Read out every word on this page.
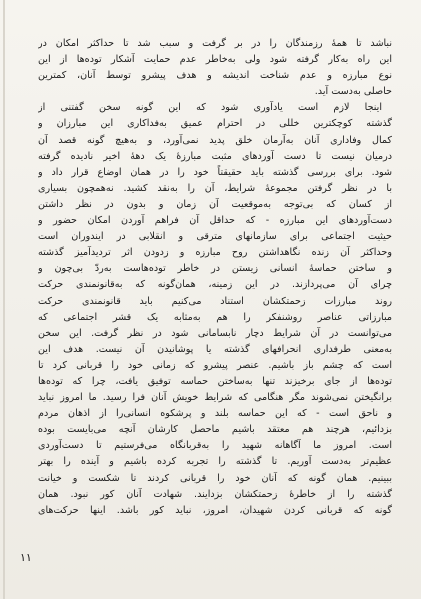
نباشد تا همهٔ رزمندگان را در بر گرفت و سبب شد تا حداکثر امکان در
این راه به‌کار گرفته شود ولی به‌خاطر عدم حمایت آشکار توده‌ها از این
نوع مبارزه و عدم شناخت اندیشه و هدف پیشرو توسط آنان، کمترین
حاصلی به‌دست آید.
اینجا لازم است یادآوری شود که این گونه سخن گفتنی از
گذشته کوچکترین خللی در احترام عمیق به‌فداکاری این مبارزان و
کمال وفاداری آنان به‌آرمان خلق پدید نمی‌آورد، و به‌هیچ گونه قصد آن
درمیان نیست تا دست آوردهای مثبت مبارزهٔ یک دههٔ اخیر نادیده گرفته
شود. برای بررسی گذشته باید حقیقتاً خود را در همان اوضاع قرار داد و
با در نظر گرفتن مجموعهٔ شرایط، آن را به‌نقد کشید. نه‌همچون بسیاری
از کسان که بی‌توجه به‌موقعیت آن زمان و بدون در نظر داشتن
دست‌آوردهای این مبارزه - که حداقل آن فراهم آوردن امکان حضور و
حیثیت اجتماعی برای سازمانهای مترقی و انقلابی در ایندوران است
وحداکثر آن زنده نگاهداشتن روح مبارزه و زدودن اثر تردیدآمیز گذشته
و ساختن حماسهٔ انسانی زیستن در خاطر توده‌هاست به‌ردّ بی‌چون و
چرای آن می‌پردازند. در این زمینه، همان‌گونه که به‌قانونمندی حرکت
روند مبارزات زحمتکشان استناد می‌کنیم باید قانونمندی حرکت
مبارزاتی عناصر روشنفکر را هم به‌مثابه یک قشر اجتماعی که
می‌توانست در آن شرایط دچار نابسامانی شود در نظر گرفت. این سخن
به‌معنی طرفداری انحرافهای گذشته یا پوشانیدن آن نیست. هدف این
است که چشم باز باشیم. عنصر پیشرو که زمانی خود را قربانی کرد تا
توده‌ها از جای برخیزند تنها به‌ساختن حماسه توفیق یافت، چرا که توده‌ها
برانگیختن نمی‌شوند مگر هنگامی که شرایط خویش آنان فرا رسید. ما امروز نباید
و ناحق است - که این حماسه بلند و پرشکوه انسانی‌را از اذهان مردم
بزدائیم، هرچند هم معتقد باشیم ماحصل کارشان آنچه می‌بایست بوده
است. امروز ما آگاهانه شهید را به‌قربانگاه می‌فرستیم تا دست‌آوردی
عظیم‌تر به‌دست آوریم. تا گذشته را تجربه کرده باشیم و آینده را بهتر
ببینیم. همان گونه که آنان خود را قربانی کردند تا شکست و خیانت
گذشته را از خاطرهٔ زحمتکشان بزدایند. شهادت آنان کور نبود. همان
گونه که قربانی کردن شهیدان، امروز، نباید کور باشد. اینها حرکت‌های
۱۱
